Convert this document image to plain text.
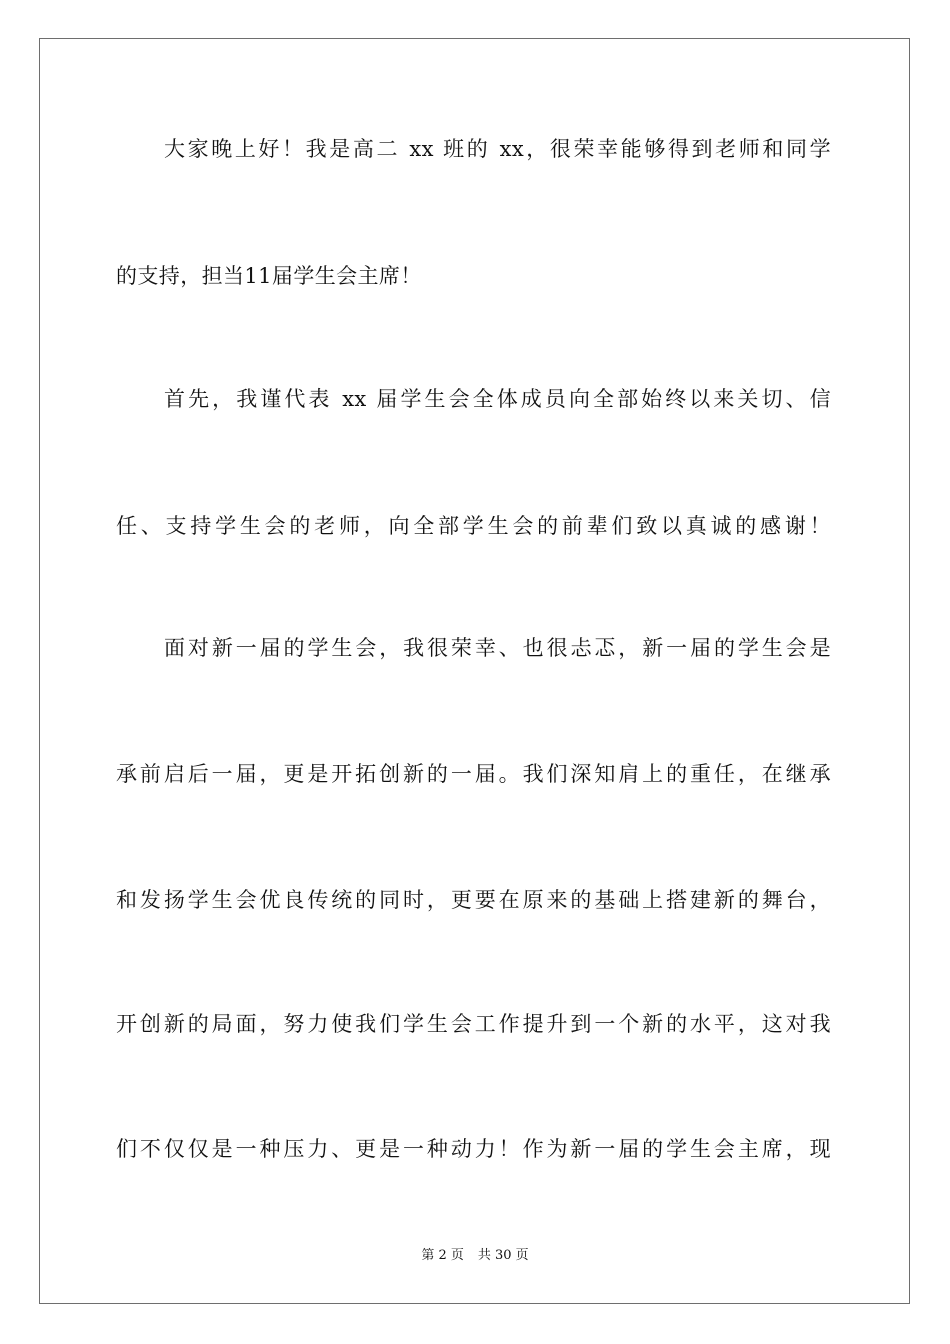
大家晚上好！我是高二 xx 班的 xx，很荣幸能够得到老师和同学
的支持，担当11届学生会主席！
首先，我谨代表 xx 届学生会全体成员向全部始终以来关切、信
任、支持学生会的老师，向全部学生会的前辈们致以真诚的感谢！
面对新一届的学生会，我很荣幸、也很忐忑，新一届的学生会是
承前启后一届，更是开拓创新的一届。我们深知肩上的重任，在继承
和发扬学生会优良传统的同时，更要在原来的基础上搭建新的舞台，
开创新的局面，努力使我们学生会工作提升到一个新的水平，这对我
们不仅仅是一种压力、更是一种动力！作为新一届的学生会主席，现
第 2 页 共 30 页
